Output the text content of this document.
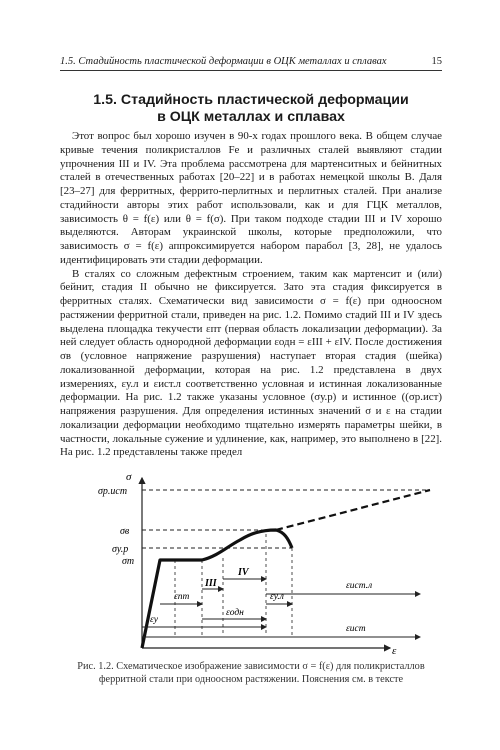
1.5. Стадийность пластической деформации в ОЦК металлах и сплавах	15
1.5. Стадийность пластической деформации
в ОЦК металлах и сплавах

Этот вопрос был хорошо изучен в 90-х годах прошлого века. В общем случае кривые течения поликристаллов Fe и различных сталей выявляют стадии упрочнения III и IV. Эта проблема рассмотрена для мартенситных и бейнитных сталей в отечественных работах [20–22] и в работах немецкой школы В. Даля [23–27] для ферритных, феррито-перлитных и перлитных сталей. При анализе стадийности авторы этих работ использовали, как и для ГЦК металлов, зависимость θ = f(ε) или θ = f(σ). При таком подходе стадии III и IV хорошо выделяются. Авторам украинской школы, которые предположили, что зависимость σ = f(ε) аппроксимируется набором парабол [3, 28], не удалось идентифицировать эти стадии деформации.

В сталях со сложным дефектным строением, таким как мартенсит и (или) бейнит, стадия II обычно не фиксируется. Зато эта стадия фиксируется в ферритных сталях. Схематически вид зависимости σ = f(ε) при одноосном растяжении ферритной стали, приведен на рис. 1.2. Помимо стадий III и IV здесь выделена площадка текучести εпт (первая область локализации деформации). За ней следует область однородной деформации εодн = εIII + εIV. После достижения σв (условное напряжение разрушения) наступает вторая стадия (шейка) локализованной деформации, которая на рис. 1.2 представлена в двух измерениях, εу.л и εист.л соответственно условная и истинная локализованные деформации. На рис. 1.2 также указаны условное (σу.р) и истинное ((σр.ист) напряжения разрушения. Для определения истинных значений σ и ε на стадии локализации деформации необходимо тщательно измерять параметры шейки, в частности, локальные сужение и удлинение, как, например, это выполнено в [22]. На рис. 1.2 представлены также предел

σ
σр.ист
σв
σу.р
σт
ε
εпт
III
IV
εодн
εу.л
εист.л
εу
εист
Рис. 1.2. Схематическое изображение зависимости σ = f(ε) для поликристаллов ферритной стали при одноосном растяжении. Пояснения см. в тексте
